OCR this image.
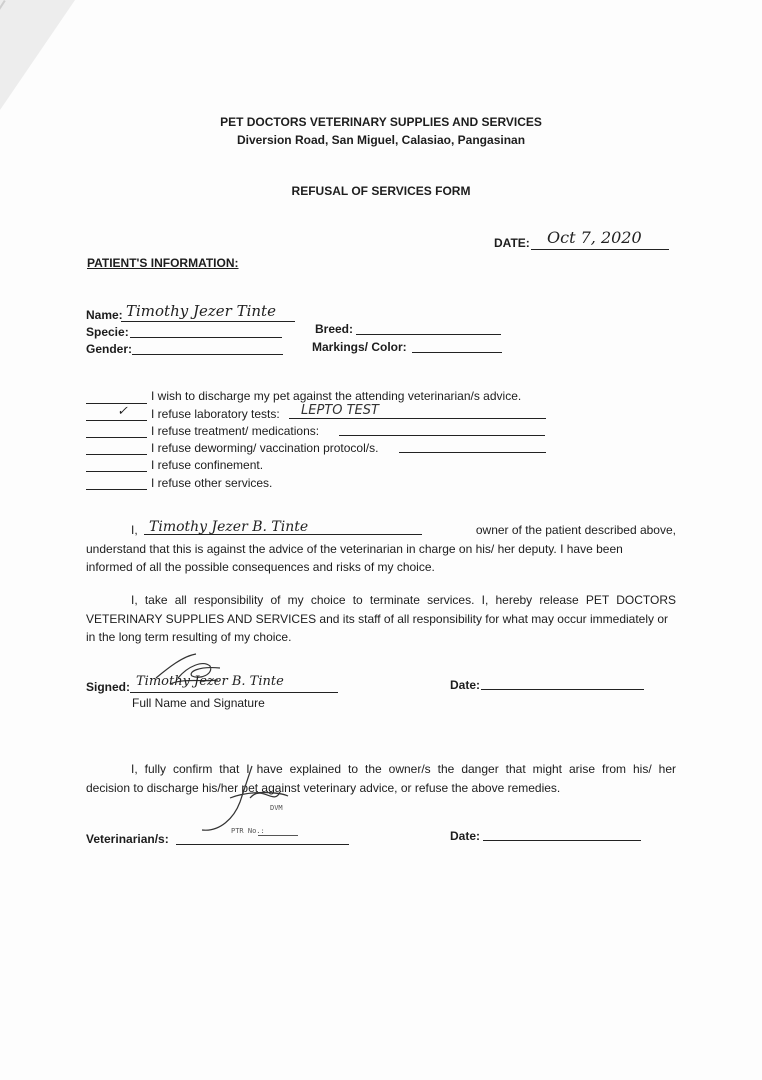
PET DOCTORS VETERINARY SUPPLIES AND SERVICES
Diversion Road, San Miguel, Calasiao, Pangasinan
REFUSAL OF SERVICES FORM
DATE: Oct 7, 2020
PATIENT'S INFORMATION:
Name: Timothy Jezer Tinte
Specie:	Breed:
Gender:	Markings/ Color:
I wish to discharge my pet against the attending veterinarian/s advice.
✓ I refuse laboratory tests: LEPTO TEST
I refuse treatment/ medications:
I refuse deworming/ vaccination protocol/s.
I refuse confinement.
I refuse other services.
I, Timothy Jezer B. Tinte	owner of the patient described above,
understand that this is against the advice of the veterinarian in charge on his/ her deputy. I have been
informed of all the possible consequences and risks of my choice.
I, take all responsibility of my choice to terminate services. I, hereby release PET DOCTORS
VETERINARY SUPPLIES AND SERVICES and its staff of all responsibility for what may occur immediately or
in the long term resulting of my choice.
Signed: Timothy Jezer B. Tinte
Full Name and Signature
Date:
I, fully confirm that I have explained to the owner/s the danger that might arise from his/ her
decision to discharge his/her pet against veterinary advice, or refuse the above remedies.
DVM
PTR No.:
Veterinarian/s:	Date:
